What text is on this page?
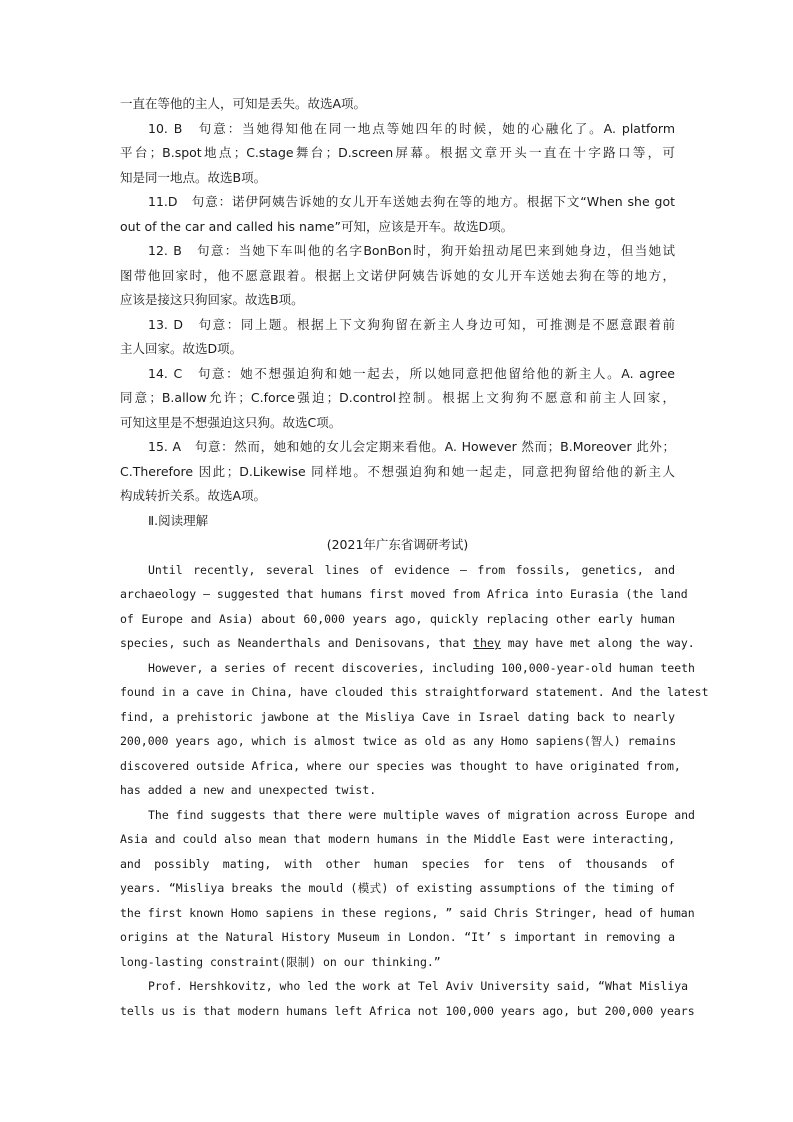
一直在等他的主人，可知是丢失。故选A项。
10. B　句意：当她得知他在同一地点等她四年的时候，她的心融化了。A. platform
平台；B.spot地点；C.stage舞台；D.screen屏幕。根据文章开头一直在十字路口等，可
知是同一地点。故选B项。
11.D　句意：诺伊阿姨告诉她的女儿开车送她去狗在等的地方。根据下文“When she got
out of the car and called his name”可知，应该是开车。故选D项。
12. B　句意：当她下车叫他的名字BonBon时，狗开始扭动尾巴来到她身边，但当她试
图带他回家时，他不愿意跟着。根据上文诺伊阿姨告诉她的女儿开车送她去狗在等的地方，
应该是接这只狗回家。故选B项。
13. D　句意：同上题。根据上下文狗狗留在新主人身边可知，可推测是不愿意跟着前
主人回家。故选D项。
14. C　句意：她不想强迫狗和她一起去，所以她同意把他留给他的新主人。A. agree
同意；B.allow允许；C.force强迫；D.control控制。根据上文狗狗不愿意和前主人回家，
可知这里是不想强迫这只狗。故选C项。
15. A　句意：然而，她和她的女儿会定期来看他。A. However 然而；B.Moreover 此外；
C.Therefore 因此；D.Likewise 同样地。不想强迫狗和她一起走，同意把狗留给他的新主人
构成转折关系。故选A项。
Ⅱ.阅读理解
(2021年广东省调研考试)
Until recently, several lines of evidence — from fossils, genetics, and
archaeology — suggested that humans first moved from Africa into Eurasia (the land
of Europe and Asia) about 60,000 years ago, quickly replacing other early human
species, such as Neanderthals and Denisovans, that they may have met along the way.
However, a series of recent discoveries, including 100,000-year-old human teeth
found in a cave in China, have clouded this straightforward statement. And the latest
find, a prehistoric jawbone at the Misliya Cave in Israel dating back to nearly
200,000 years ago, which is almost twice as old as any Homo sapiens(智人) remains
discovered outside Africa, where our species was thought to have originated from,
has added a new and unexpected twist.
The find suggests that there were multiple waves of migration across Europe and
Asia and could also mean that modern humans in the Middle East were interacting,
and possibly mating, with other human species for tens of thousands of
years. “Misliya breaks the mould (模式) of existing assumptions of the timing of
the first known Homo sapiens in these regions, ” said Chris Stringer, head of human
origins at the Natural History Museum in London. “It’ s important in removing a
long-lasting constraint(限制) on our thinking.”
Prof. Hershkovitz, who led the work at Tel Aviv University said, “What Misliya
tells us is that modern humans left Africa not 100,000 years ago, but 200,000 years
